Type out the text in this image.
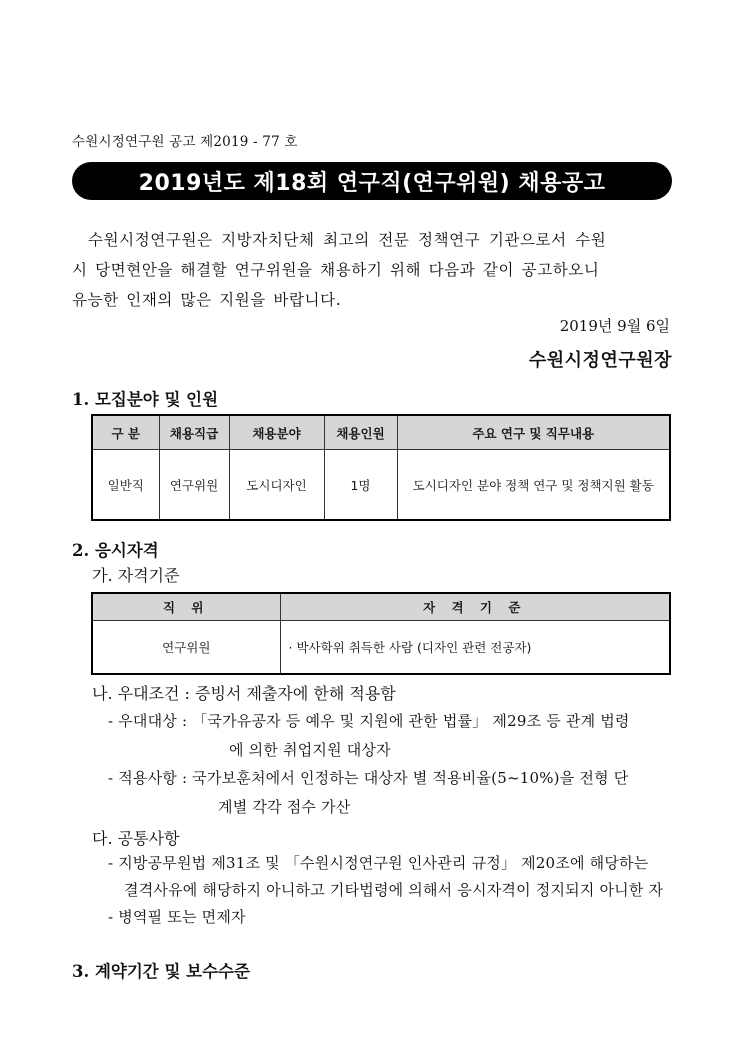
수원시정연구원 공고 제2019 - 77 호
2019년도 제18회 연구직(연구위원) 채용공고
수원시정연구원은 지방자치단체 최고의 전문 정책연구 기관으로서 수원
시 당면현안을 해결할 연구위원을 채용하기 위해 다음과 같이 공고하오니
유능한 인재의 많은 지원을 바랍니다.
2019년 9월 6일
수원시정연구원장
1. 모집분야 및 인원
구 분	채용직급	채용분야	채용인원	주요 연구 및 직무내용
일반직	연구위원	도시디자인	1명	도시디자인 분야 정책 연구 및 정책지원 활동
2. 응시자격
가. 자격기준
직 위	자 격 기 준
연구위원	· 박사학위 취득한 사람 (디자인 관련 전공자)
나. 우대조건 : 증빙서 제출자에 한해 적용함
- 우대대상 : 「국가유공자 등 예우 및 지원에 관한 법률」 제29조 등 관계 법령
에 의한 취업지원 대상자
- 적용사항 : 국가보훈처에서 인정하는 대상자 별 적용비율(5~10%)을 전형 단
계별 각각 점수 가산
다. 공통사항
- 지방공무원법 제31조 및 「수원시정연구원 인사관리 규정」 제20조에 해당하는
결격사유에 해당하지 아니하고 기타법령에 의해서 응시자격이 정지되지 아니한 자
- 병역필 또는 면제자
3. 계약기간 및 보수수준
